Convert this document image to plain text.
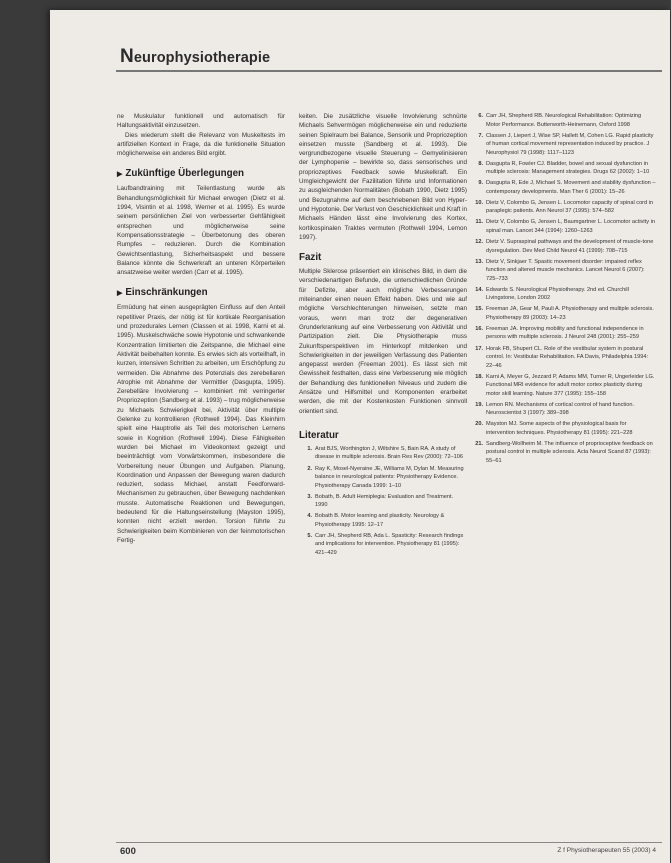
Neurophysiotherapie

ne Muskulatur funktionell und automatisch für Haltungsaktivität einzusetzen.

Dies wiederum stellt die Relevanz von Muskeltests im artifiziellen Kontext in Frage, da die funktionelle Situation möglicherweise ein anderes Bild ergibt.

▶ Zukünftige Überlegungen

Laufbandtraining mit Teilentlastung wurde als Behandlungsmöglichkeit für Michael erwogen (Dietz et al. 1994, Visintin et al. 1998, Werner et al. 1995). Es wurde seinem persönlichen Ziel von verbesserter Gehfähigkeit entsprechen und möglicherweise seine Kompensationsstrategie – Überbetonung des oberen Rumpfes – reduzieren. Durch die Kombination Gewichtsentlastung, Sicherheitsaspekt und bessere Balance könnte die Schwerkraft an unteren Körperteilen ansatzweise weiter werden (Carr et al. 1995).

▶ Einschränkungen

Ermüdung hat einen ausgeprägten Einfluss auf den Anteil repetitiver Praxis, der nötig ist für kortikale Reorganisation und prozedurales Lernen (Classen et al. 1998, Karni et al. 1995). Muskelschwäche sowie Hypotonie und schwankende Konzentration limitierten die Zeitspanne, die Michael eine Aktivität beibehalten konnte. Es erwies sich als vorteilhaft, in kurzen, intensiven Schritten zu arbeiten, um Erschöpfung zu vermeiden. Die Abnahme des Potenzials des zerebellaren Atrophie mit Abnahme der Vermittler (Dasgupta, 1995). Zerebelläre Involvierung – kombiniert mit verringerter Propriozeption (Sandberg et al. 1993) – trug möglicherweise zu Michaels Schwierigkeit bei, Aktivität über multiple Gelenke zu kontrollieren (Rothwell 1994). Das Kleinhirn spielt eine Hauptrolle als Teil des motorischen Lernens sowie in Kognition (Rothwell 1994). Diese Fähigkeiten wurden bei Michael im Videokontext gezeigt und beeinträchtigt vom Vorwärtskommen, insbesondere die Vorbereitung neuer Übungen und Aufgaben. Planung, Koordination und Anpassen der Bewegung waren dadurch reduziert, sodass Michael, anstatt Feedforward-Mechanismen zu gebrauchen, über Bewegung nachdenken musste. Automatische Reaktionen und Bewegungen, bedeutend für die Haltungseinstellung (Mayston 1995), konnten nicht erzielt werden. Torsion führte zu Schwierigkeiten beim Kombinieren von der feinmotorischen Fertig-

keiten. Die zusätzliche visuelle Involvierung schnürte Michaels Sehvermögen möglicherweise ein und reduzierte seinen Spielraum bei Balance, Sensorik und Propriozeption einsetzen musste (Sandberg et al. 1993). Die vergrundbezogene visuelle Steuerung – Gemyelinisieren der Lymphopenie – bewirkte so, dass sensorisches und propriozeptives Feedback sowie Muskelkraft. Ein Umgleichgewicht der Fazilitation führte und Informationen zu ausgleichenden Normalitäten (Bobath 1990, Dietz 1995) und Bezugnahme auf dem beschriebenen Bild von Hyper- und Hypotonie. Der Verlust von Geschicklichkeit und Kraft in Michaels Händen lässt eine Involvierung des Kortex, kortikospinalen Traktes vermuten (Rothwell 1994, Lemon 1997).

Fazit

Multiple Sklerose präsentiert ein klinisches Bild, in dem die verschiedenartigen Befunde, die unterschiedlichen Gründe für Defizite, aber auch mögliche Verbesserungen miteinander einen neuen Effekt haben. Dies und wie auf mögliche Verschlechterungen hinweisen, setzte man voraus, wenn man trotz der degenerativen Grunderkrankung auf eine Verbesserung von Aktivität und Partizipation zielt. Die Physiotherapie muss Zukunftsperspektiven im Hinterkopf mitdenken und Schwierigkeiten in der jeweiligen Verfassung des Patienten angepasst werden (Freeman 2001). Es lässt sich mit Gewissheit festhalten, dass eine Verbesserung wie möglich der Behandlung des funktionellen Niveaus und zudem die Ansätze und Hilfsmittel und Komponenten erarbeitet werden, die mit der Kostenkosten Funktionen sinnvoll orientiert sind.

Literatur
1. Arat BJS, Worthington J, Wiltshire S, Bain RA. A study of disease in multiple sclerosis. Brain Res Rev (2000): 72–106
2. Ray K, Mosel-Nyeraine JE, Williams M, Dylan M. Measuring balance in neurological patients: Physiotherapy Evidence. Physiotherapy Canada 1999: 1–10
3. Bobath, B. Adult Hemiplegia: Evaluation and Treatment. 1990
4. Bobath B. Motor learning and plasticity. Neurology & Physiotherapy 1995: 12–17
5. Carr JH, Shepherd RB, Ada L. Spasticity: Research findings and implications for intervention. Physiotherapy 81 (1995): 421–429
6. Carr JH, Shepherd RB. Neurological Rehabilitation: Optimizing Motor Performance. Butterworth-Heinemann, Oxford 1998
7. Classen J, Liepert J, Wise SP, Hallett M, Cohen LG. Rapid plasticity of human cortical movement representation induced by practice. J Neurophysiol 79 (1998): 1117–1123
8. Dasgupta R, Fowler CJ. Bladder, bowel and sexual dysfunction in multiple sclerosis: Management strategies. Drugs 62 (2002): 1–10
9. Dasgupta R, Ede J, Michael S. Movement and stability dysfunction – contemporary developments. Man Ther 6 (2001): 15–26
10. Dietz V, Colombo G, Jensen L. Locomotor capacity of spinal cord in paraplegic patients. Ann Neurol 37 (1995): 574–582
11. Dietz V, Colombo G, Jensen L, Baumgartner L. Locomotor activity in spinal man. Lancet 344 (1994): 1260–1263
12. Dietz V. Supraspinal pathways and the development of muscle-tone dysregulation. Dev Med Child Neurol 41 (1999): 708–715
13. Dietz V, Sinkjaer T. Spastic movement disorder: impaired reflex function and altered muscle mechanics. Lancet Neurol 6 (2007): 725–733
14. Edwards S. Neurological Physiotherapy. 2nd ed. Churchill Livingstone, London 2002
15. Freeman JA, Gear M, Pauli A. Physiotherapy and multiple sclerosis. Physiotherapy 89 (2003): 14–23
16. Freeman JA. Improving mobility and functional independence in persons with multiple sclerosis. J Neurol 248 (2001): 255–259
17. Horak FB, Shupert CL. Role of the vestibular system in postural control. In: Vestibular Rehabilitation. FA Davis, Philadelphia 1994: 22–46
18. Karni A, Meyer G, Jezzard P, Adams MM, Turner R, Ungerleider LG. Functional MRI evidence for adult motor cortex plasticity during motor skill learning. Nature 377 (1995): 155–158
19. Lemon RN. Mechanisms of cortical control of hand function. Neuroscientist 3 (1997): 389–398
20. Mayston MJ. Some aspects of the physiological basis for intervention techniques. Physiotherapy 81 (1995): 221–228
21. Sandberg-Wollheim M. The influence of proprioceptive feedback on postural control in multiple sclerosis. Acta Neurol Scand 87 (1993): 55–61
600	Z f Physiotherapeuten 55 (2003) 4
